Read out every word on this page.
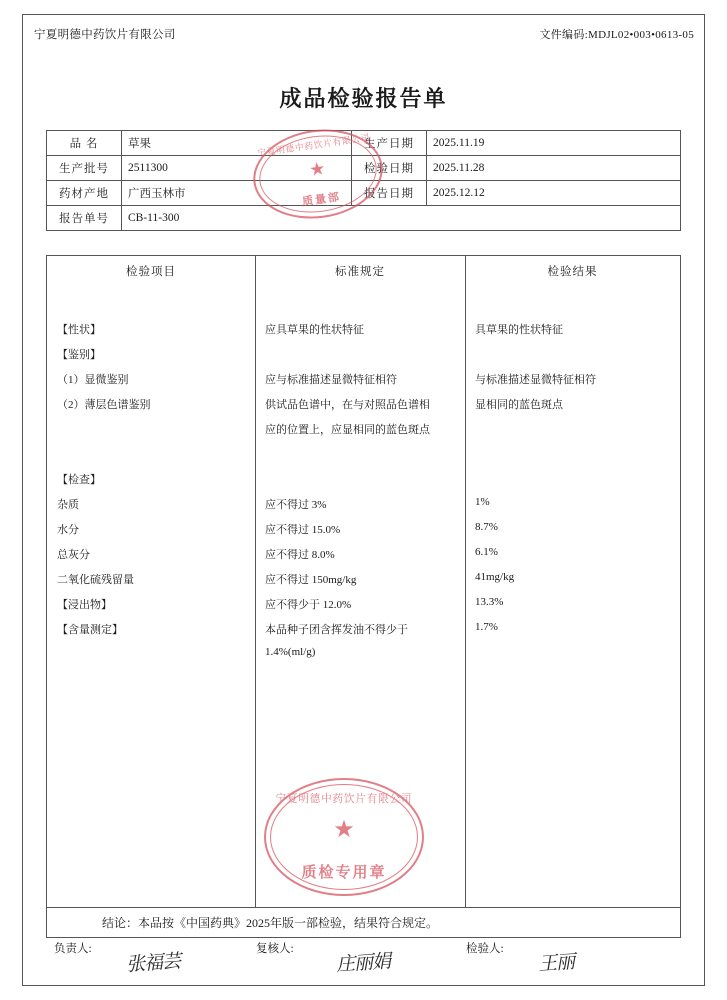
宁夏明德中药饮片有限公司	文件编码:MDJL02•003•0613-05
成品检验报告单
品 名	草果	生产日期	2025.11.19
生产批号	2511300	检验日期	2025.11.28
药材产地	广西玉林市	报告日期	2025.12.12
报告单号	CB-11-300		
检验项目	标准规定	检验结果
【性状】	应具草果的性状特征	具草果的性状特征
【鉴别】
（1）显微鉴别	应与标准描述显微特征相符	与标准描述显微特征相符
（2）薄层色谱鉴别	供试品色谱中，在与对照品色谱相	显相同的蓝色斑点
应的位置上，应显相同的蓝色斑点
【检查】
杂质	应不得过 3%	1%
水分	应不得过 15.0%	8.7%
总灰分	应不得过 8.0%	6.1%
二氧化硫残留量	应不得过 150mg/kg	41mg/kg
【浸出物】	应不得少于 12.0%	13.3%
【含量测定】	本品种子团含挥发油不得少于	1.7%
1.4%(ml/g)
结论：本品按《中国药典》2025年版一部检验，结果符合规定。
负责人:
张福芸
复核人:
庄丽娟
检验人:
王丽
宁夏明德中药饮片有限公司
★
质量部
宁夏明德中药饮片有限公司
★
质检专用章
